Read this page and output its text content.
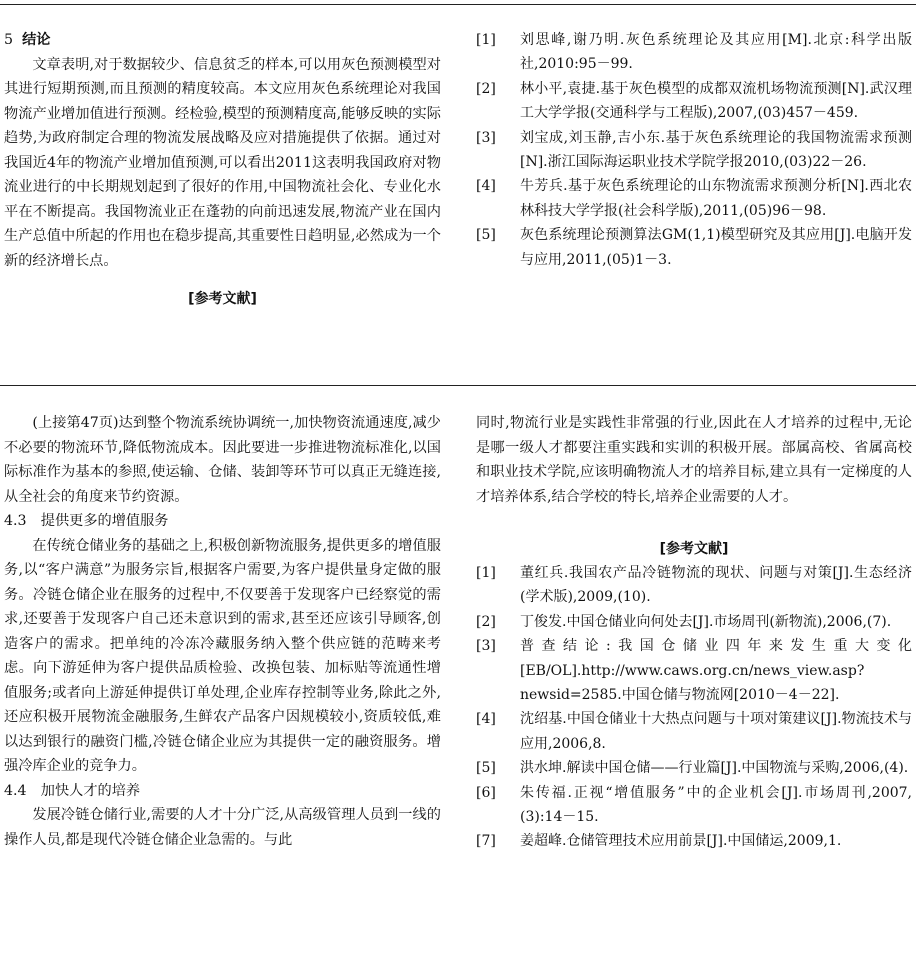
5 结论

文章表明,对于数据较少、信息贫乏的样本,可以用灰色预测模型对其进行短期预测,而且预测的精度较高。本文应用灰色系统理论对我国物流产业增加值进行预测。经检验,模型的预测精度高,能够反映的实际趋势,为政府制定合理的物流发展战略及应对措施提供了依据。通过对我国近4年的物流产业增加值预测,可以看出2011这表明我国政府对物流业进行的中长期规划起到了很好的作用,中国物流社会化、专业化水平在不断提高。我国物流业正在蓬勃的向前迅速发展,物流产业在国内生产总值中所起的作用也在稳步提高,其重要性日趋明显,必然成为一个新的经济增长点。

[参考文献]
[1] 刘思峰,谢乃明.灰色系统理论及其应用[M].北京:科学出版社,2010:95－99.
[2] 林小平,袁捷.基于灰色模型的成都双流机场物流预测[N].武汉理工大学学报(交通科学与工程版),2007,(03)457－459.
[3] 刘宝成,刘玉静,吉小东.基于灰色系统理论的我国物流需求预测[N].浙江国际海运职业技术学院学报2010,(03)22－26.
[4] 牛芳兵.基于灰色系统理论的山东物流需求预测分析[N].西北农林科技大学学报(社会科学版),2011,(05)96－98.
[5] 灰色系统理论预测算法GM(1,1)模型研究及其应用[J].电脑开发与应用,2011,(05)1－3.

(上接第47页)达到整个物流系统协调统一,加快物资流通速度,减少不必要的物流环节,降低物流成本。因此要进一步推进物流标准化,以国际标准作为基本的参照,使运输、仓储、装卸等环节可以真正无缝连接,从全社会的角度来节约资源。

4.3　提供更多的增值服务

在传统仓储业务的基础之上,积极创新物流服务,提供更多的增值服务,以“客户满意”为服务宗旨,根据客户需要,为客户提供量身定做的服务。冷链仓储企业在服务的过程中,不仅要善于发现客户已经察觉的需求,还要善于发现客户自己还未意识到的需求,甚至还应该引导顾客,创造客户的需求。把单纯的冷冻冷藏服务纳入整个供应链的范畴来考虑。向下游延伸为客户提供品质检验、改换包装、加标贴等流通性增值服务;或者向上游延伸提供订单处理,企业库存控制等业务,除此之外,还应积极开展物流金融服务,生鲜农产品客户因规模较小,资质较低,难以达到银行的融资门槛,冷链仓储企业应为其提供一定的融资服务。增强冷库企业的竞争力。

4.4　加快人才的培养

发展冷链仓储行业,需要的人才十分广泛,从高级管理人员到一线的操作人员,都是现代冷链仓储企业急需的。与此

同时,物流行业是实践性非常强的行业,因此在人才培养的过程中,无论是哪一级人才都要注重实践和实训的积极开展。部属高校、省属高校和职业技术学院,应该明确物流人才的培养目标,建立具有一定梯度的人才培养体系,结合学校的特长,培养企业需要的人才。

[参考文献]
[1] 董红兵.我国农产品冷链物流的现状、问题与对策[J].生态经济(学术版),2009,(10).
[2] 丁俊发.中国仓储业向何处去[J].市场周刊(新物流),2006,(7).
[3] 普查结论:我国仓储业四年来发生重大变化[EB/OL].http://www.caws.org.cn/news_view.asp?newsid=2585.中国仓储与物流网[2010－4－22].
[4] 沈绍基.中国仓储业十大热点问题与十项对策建议[J].物流技术与应用,2006,8.
[5] 洪水坤.解读中国仓储——行业篇[J].中国物流与采购,2006,(4).
[6] 朱传福.正视“增值服务”中的企业机会[J].市场周刊,2007,(3):14－15.
[7] 姜超峰.仓储管理技术应用前景[J].中国储运,2009,1.
